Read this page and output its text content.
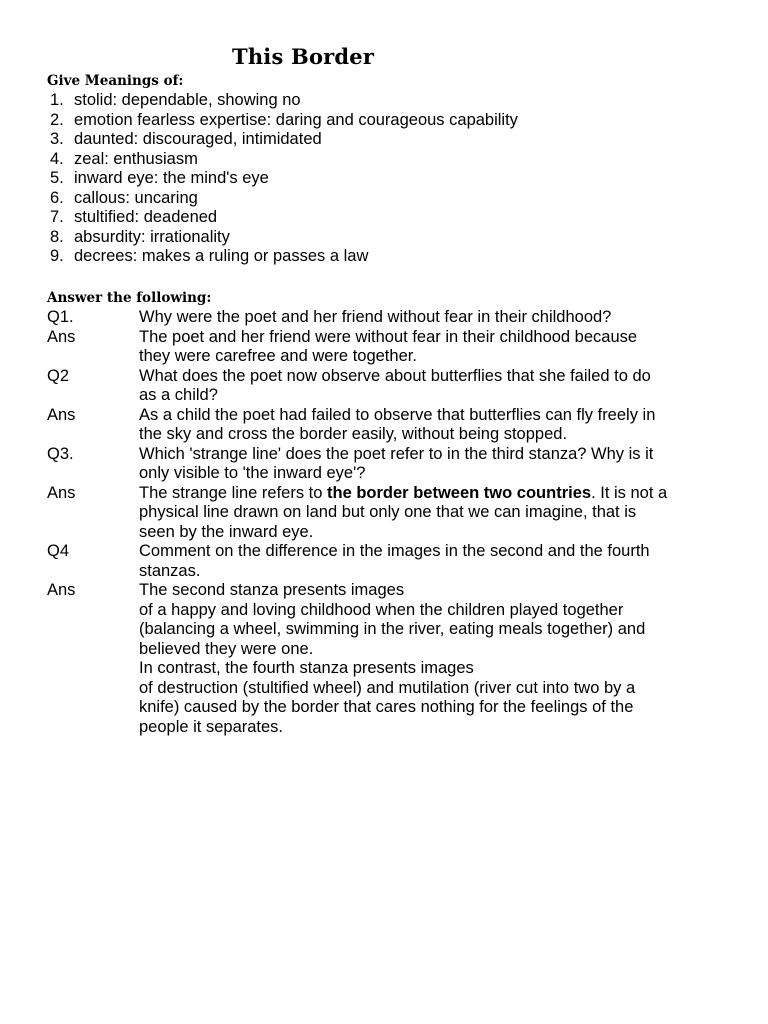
This Border
Give Meanings of:
1. stolid: dependable, showing no
2. emotion fearless expertise: daring and courageous capability
3. daunted: discouraged, intimidated
4. zeal: enthusiasm
5. inward eye: the mind's eye
6. callous: uncaring
7. stultified: deadened
8. absurdity: irrationality
9. decrees: makes a ruling or passes a law
Answer the following:
Q1.	Why were the poet and her friend without fear in their childhood?
Ans	The poet and her friend were without fear in their childhood because
they were carefree and were together.
Q2	What does the poet now observe about butterflies that she failed to do
as a child?
Ans	As a child the poet had failed to observe that butterflies can fly freely in
the sky and cross the border easily, without being stopped.
Q3.	Which 'strange line' does the poet refer to in the third stanza? Why is it
only visible to 'the inward eye'?
Ans	The strange line refers to the border between two countries. It is not a
physical line drawn on land but only one that we can imagine, that is
seen by the inward eye.
Q4	Comment on the difference in the images in the second and the fourth
stanzas.
Ans	The second stanza presents images
of a happy and loving childhood when the children played together
(balancing a wheel, swimming in the river, eating meals together) and
believed they were one.
In contrast, the fourth stanza presents images
of destruction (stultified wheel) and mutilation (river cut into two by a
knife) caused by the border that cares nothing for the feelings of the
people it separates.
